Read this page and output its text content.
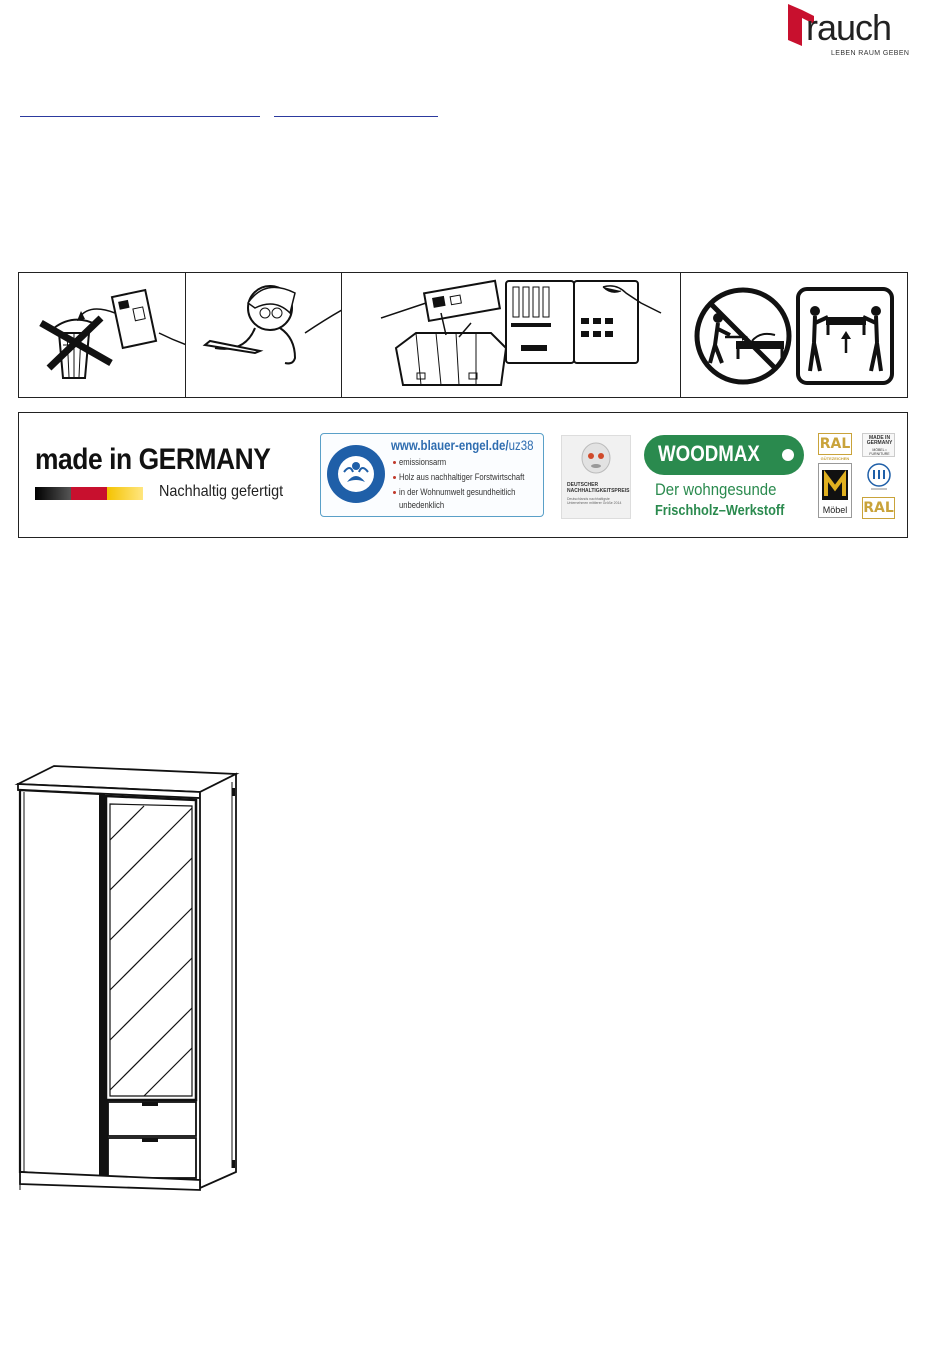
rauch
LEBEN RAUM GEBEN
made in GERMANY
Nachhaltig gefertigt
www.blauer-engel.de/uz38
emissionsarm
Holz aus nachhaltiger Forstwirtschaft
in der Wohnumwelt gesundheitlich
unbedenklich
DEUTSCHER NACHHALTIGKEITSPREIS
Deutschlands nachhaltigste Unternehmen mittlerer Größe 2014
WOODMAX
Der wohngesunde
Frischholz–Werkstoff
RAL
GÜTEZEICHEN
Möbel
MADE IN GERMANY
MÖBEL • FURNITURE
RAL
